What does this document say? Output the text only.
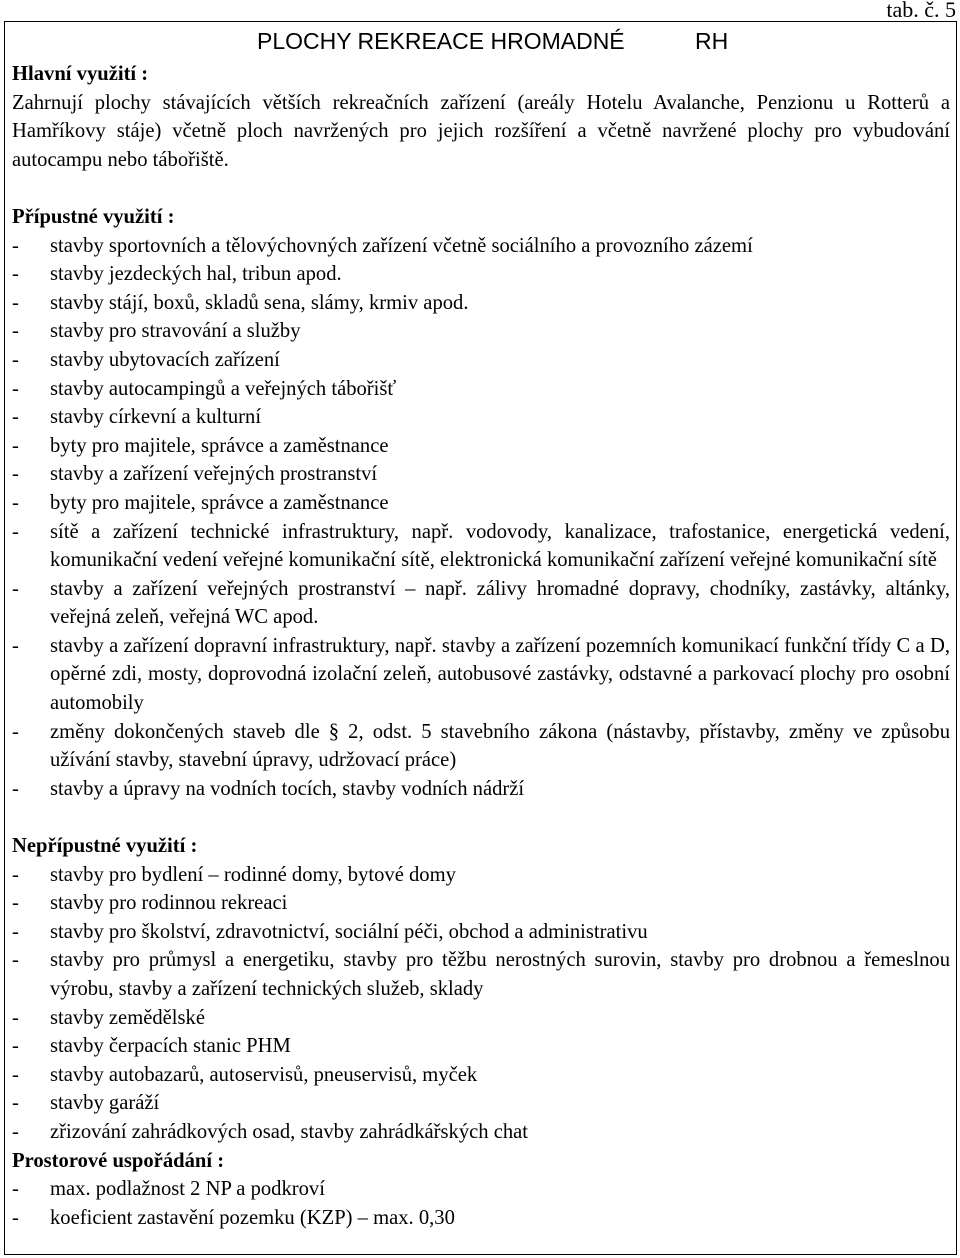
tab. č. 5
PLOCHY REKREACE HROMADNÉ	RH
Hlavní využití :
Zahrnují plochy stávajících větších rekreačních zařízení (areály Hotelu Avalanche, Penzionu u Rotterů a Hamříkovy stáje) včetně ploch navržených pro jejich rozšíření a včetně navržené plochy pro vybudování autocampu nebo tábořiště.
Přípustné využití :
- stavby sportovních a tělovýchovných zařízení včetně sociálního a provozního zázemí
- stavby jezdeckých hal, tribun apod.
- stavby stájí, boxů, skladů sena, slámy, krmiv apod.
- stavby pro stravování a služby
- stavby ubytovacích zařízení
- stavby autocampingů a veřejných tábořišť
- stavby církevní a kulturní
- byty pro majitele, správce a zaměstnance
- stavby a zařízení veřejných prostranství
- byty pro majitele, správce a zaměstnance
- sítě a zařízení technické infrastruktury, např. vodovody, kanalizace, trafostanice, energetická vedení, komunikační vedení veřejné komunikační sítě, elektronická komunikační zařízení veřejné komunikační sítě
- stavby a zařízení veřejných prostranství – např. zálivy hromadné dopravy, chodníky, zastávky, altánky, veřejná zeleň, veřejná WC apod.
- stavby a zařízení dopravní infrastruktury, např. stavby a zařízení pozemních komunikací funkční třídy C a D, opěrné zdi, mosty, doprovodná izolační zeleň, autobusové zastávky, odstavné a parkovací plochy pro osobní automobily
- změny dokončených staveb dle § 2, odst. 5 stavebního zákona (nástavby, přístavby, změny ve způsobu užívání stavby, stavební úpravy, udržovací práce)
- stavby a úpravy na vodních tocích, stavby vodních nádrží
Nepřípustné využití :
- stavby pro bydlení – rodinné domy, bytové domy
- stavby pro rodinnou rekreaci
- stavby pro školství, zdravotnictví, sociální péči, obchod a administrativu
- stavby pro průmysl a energetiku, stavby pro těžbu nerostných surovin, stavby pro drobnou a řemeslnou výrobu, stavby a zařízení technických služeb, sklady
- stavby zemědělské
- stavby čerpacích stanic PHM
- stavby autobazarů, autoservisů, pneuservisů, myček
- stavby garáží
- zřizování zahrádkových osad, stavby zahrádkářských chat
Prostorové uspořádání :
- max. podlažnost 2 NP a podkroví
- koeficient zastavění pozemku (KZP) – max. 0,30
